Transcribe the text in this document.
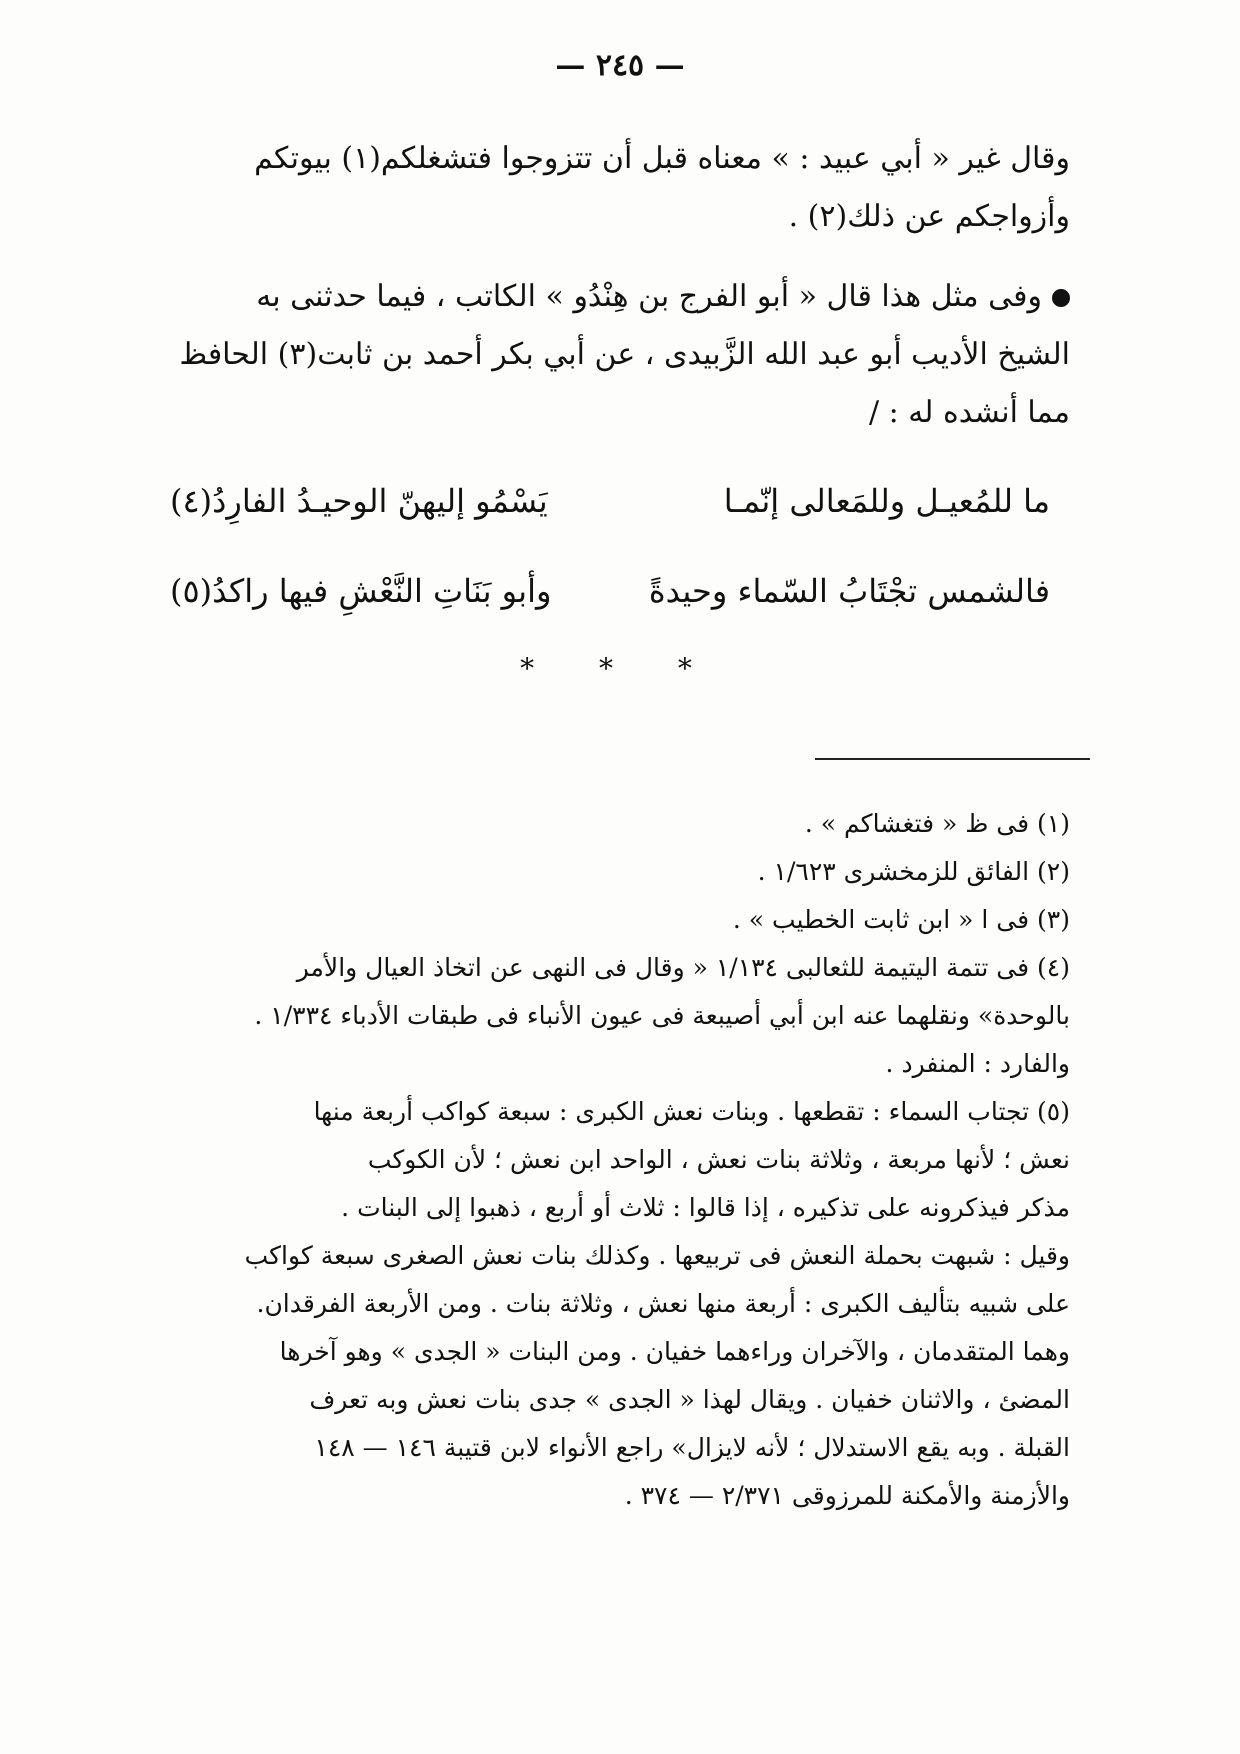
— ٢٤٥ —
وقال غير « أبي عبيد : » معناه قبل أن تتزوجوا فتشغلكم(١) بيوتكم
وأزواجكم عن ذلك(٢) .
وفى مثل هذا قال « أبو الفرج بن هِنْدُو » الكاتب ، فيما حدثنى به
الشيخ الأديب أبو عبد الله الزَّبيدى ، عن أبي بكر أحمد بن ثابت(٣) الحافظ
مما أنشده له : /
ما للمُعيـل وللمَعالى إنّمـا
يَسْمُو إليهنّ الوحيـدُ الفارِدُ(٤)
فالشمس تجْتَابُ السّماء وحيدةً
وأبو بَنَاتِ النَّعْشِ فيها راكدُ(٥)
* * *
(١) فى ظ « فتغشاكم » .
(٢) الفائق للزمخشرى ١/٦٢٣ .
(٣) فى ا « ابن ثابت الخطيب » .
(٤) فى تتمة اليتيمة للثعالبى ١/١٣٤ « وقال فى النهى عن اتخاذ العيال والأمر
بالوحدة» ونقلهما عنه ابن أبي أصيبعة فى عيون الأنباء فى طبقات الأدباء ١/٣٣٤ .
والفارد : المنفرد .
(٥) تجتاب السماء : تقطعها . وبنات نعش الكبرى : سبعة كواكب أربعة منها
نعش ؛ لأنها مربعة ، وثلاثة بنات نعش ، الواحد ابن نعش ؛ لأن الكوكب
مذكر فيذكرونه على تذكيره ، إذا قالوا : ثلاث أو أربع ، ذهبوا إلى البنات .
وقيل : شبهت بحملة النعش فى تربيعها . وكذلك بنات نعش الصغرى سبعة كواكب
على شبيه بتأليف الكبرى : أربعة منها نعش ، وثلاثة بنات . ومن الأربعة الفرقدان.
وهما المتقدمان ، والآخران وراءهما خفيان . ومن البنات « الجدى » وهو آخرها
المضئ ، والاثنان خفيان . ويقال لهذا « الجدى » جدى بنات نعش وبه تعرف
القبلة . وبه يقع الاستدلال ؛ لأنه لايزال» راجع الأنواء لابن قتيبة ١٤٦ — ١٤٨
والأزمنة والأمكنة للمرزوقى ٢/٣٧١ — ٣٧٤ .
